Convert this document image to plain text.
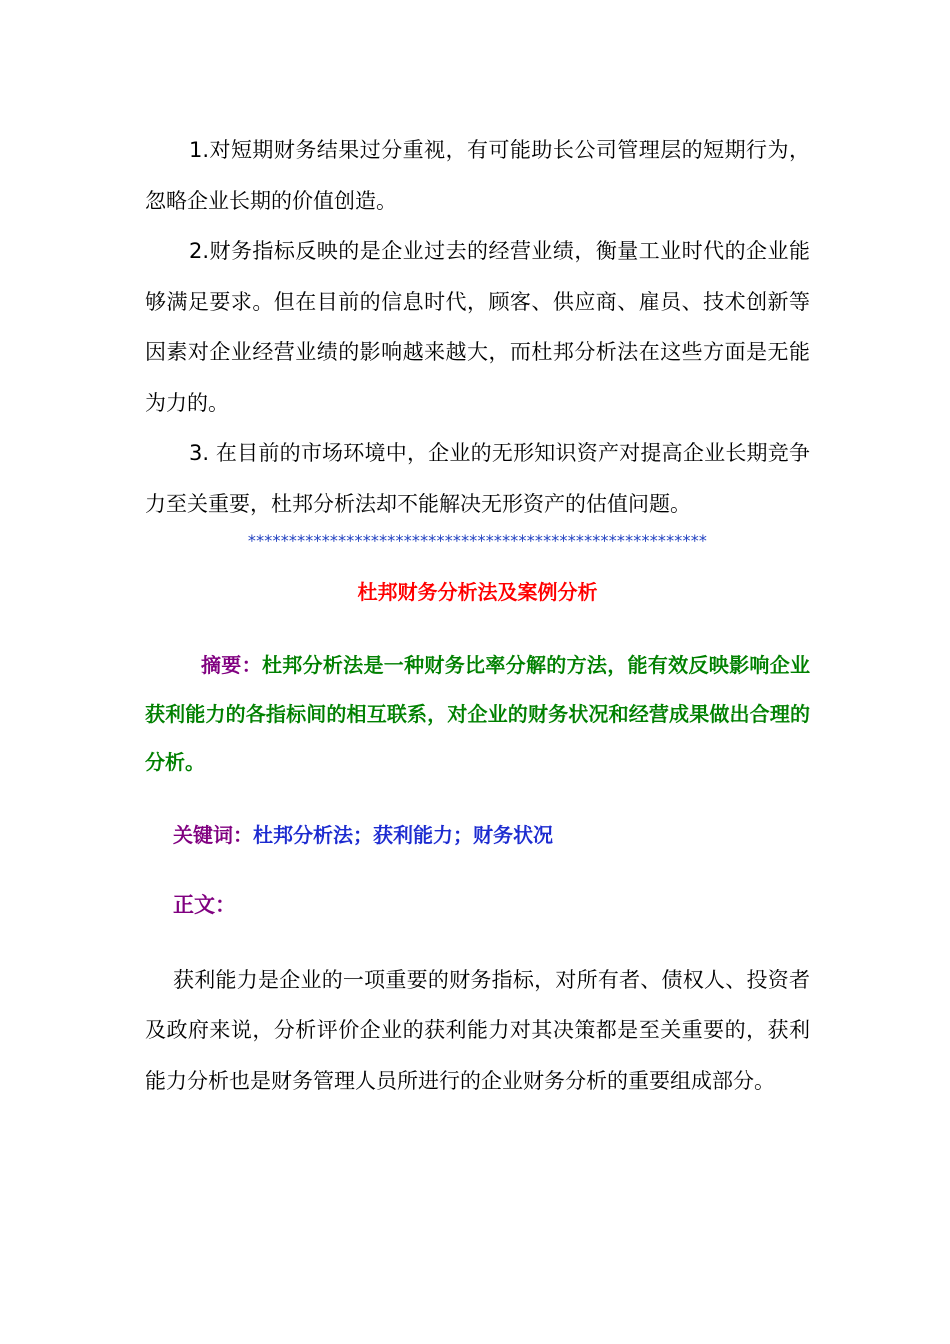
1.对短期财务结果过分重视，有可能助长公司管理层的短期行为，忽略企业长期的价值创造。

2.财务指标反映的是企业过去的经营业绩，衡量工业时代的企业能够满足要求。但在目前的信息时代，顾客、供应商、雇员、技术创新等因素对企业经营业绩的影响越来越大，而杜邦分析法在这些方面是无能为力的。

3. 在目前的市场环境中，企业的无形知识资产对提高企业长期竞争力至关重要，杜邦分析法却不能解决无形资产的估值问题。

********************************************************
杜邦财务分析法及案例分析

摘要：杜邦分析法是一种财务比率分解的方法，能有效反映影响企业获利能力的各指标间的相互联系，对企业的财务状况和经营成果做出合理的分析。

关键词：杜邦分析法；获利能力；财务状况
正文：

获利能力是企业的一项重要的财务指标，对所有者、债权人、投资者及政府来说，分析评价企业的获利能力对其决策都是至关重要的，获利能力分析也是财务管理人员所进行的企业财务分析的重要组成部分。
